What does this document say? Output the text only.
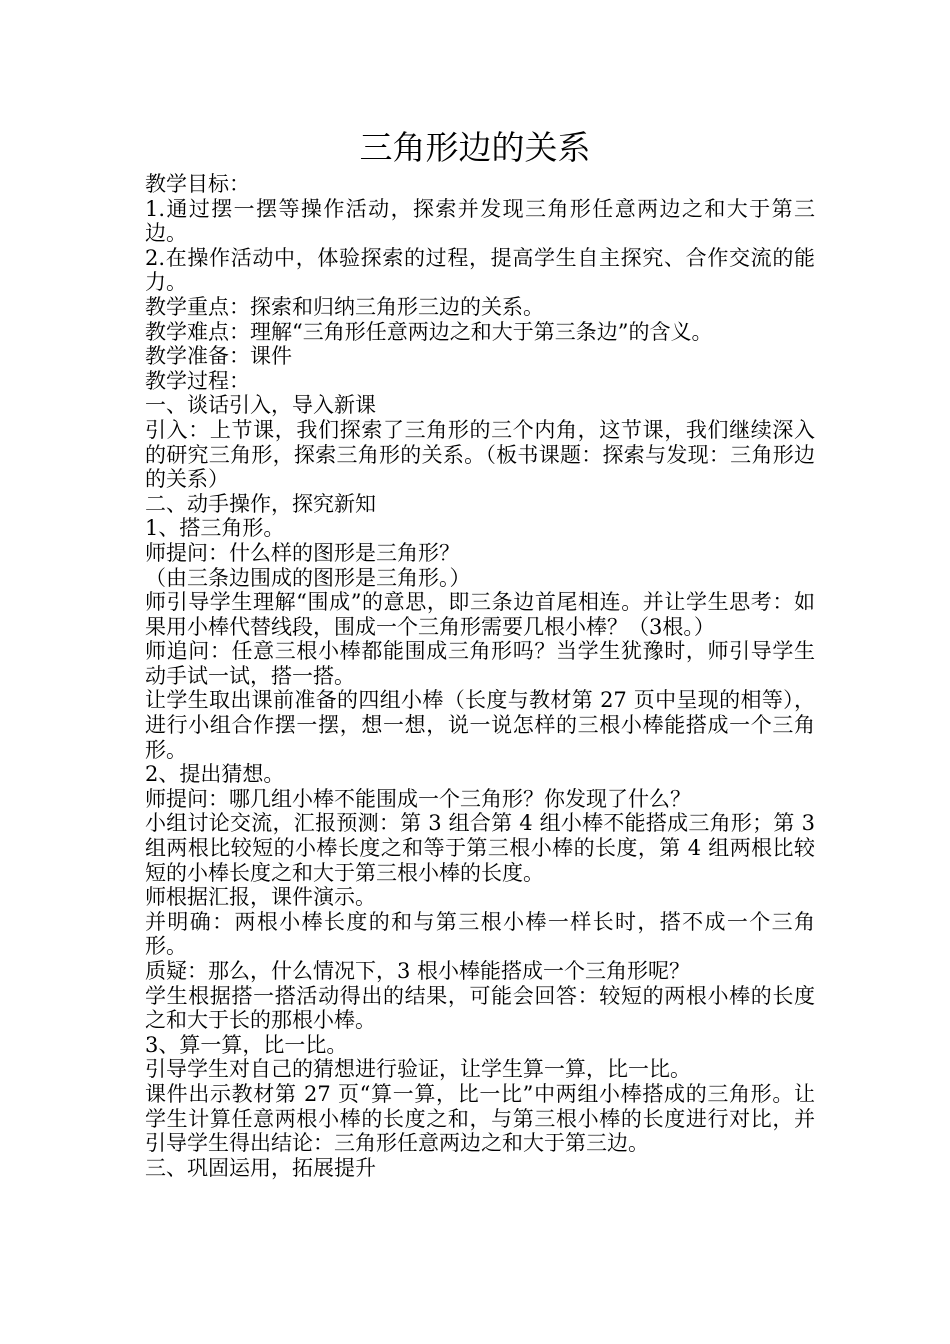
三角形边的关系

教学目标：

1.通过摆一摆等操作活动，探索并发现三角形任意两边之和大于第三边。

2.在操作活动中，体验探索的过程，提高学生自主探究、合作交流的能力。

教学重点：探索和归纳三角形三边的关系。

教学难点：理解“三角形任意两边之和大于第三条边”的含义。

教学准备：课件

教学过程：

一、谈话引入，导入新课

引入：上节课，我们探索了三角形的三个内角，这节课，我们继续深入的研究三角形，探索三角形的关系。（板书课题：探索与发现：三角形边的关系）

二、动手操作，探究新知

1、搭三角形。

师提问：什么样的图形是三角形？

（由三条边围成的图形是三角形。）

师引导学生理解“围成”的意思，即三条边首尾相连。并让学生思考：如果用小棒代替线段，围成一个三角形需要几根小棒？（3根。）

师追问：任意三根小棒都能围成三角形吗？当学生犹豫时，师引导学生动手试一试，搭一搭。

让学生取出课前准备的四组小棒（长度与教材第 27 页中呈现的相等），进行小组合作摆一摆，想一想，说一说怎样的三根小棒能搭成一个三角形。

2、提出猜想。

师提问：哪几组小棒不能围成一个三角形？你发现了什么？

小组讨论交流，汇报预测：第 3 组合第 4 组小棒不能搭成三角形；第 3 组两根比较短的小棒长度之和等于第三根小棒的长度，第 4 组两根比较短的小棒长度之和大于第三根小棒的长度。

师根据汇报，课件演示。

并明确：两根小棒长度的和与第三根小棒一样长时，搭不成一个三角形。

质疑：那么，什么情况下，3 根小棒能搭成一个三角形呢？

学生根据搭一搭活动得出的结果，可能会回答：较短的两根小棒的长度之和大于长的那根小棒。

3、算一算，比一比。

引导学生对自己的猜想进行验证，让学生算一算，比一比。

课件出示教材第 27 页“算一算，比一比”中两组小棒搭成的三角形。让学生计算任意两根小棒的长度之和，与第三根小棒的长度进行对比，并引导学生得出结论：三角形任意两边之和大于第三边。

三、巩固运用，拓展提升
